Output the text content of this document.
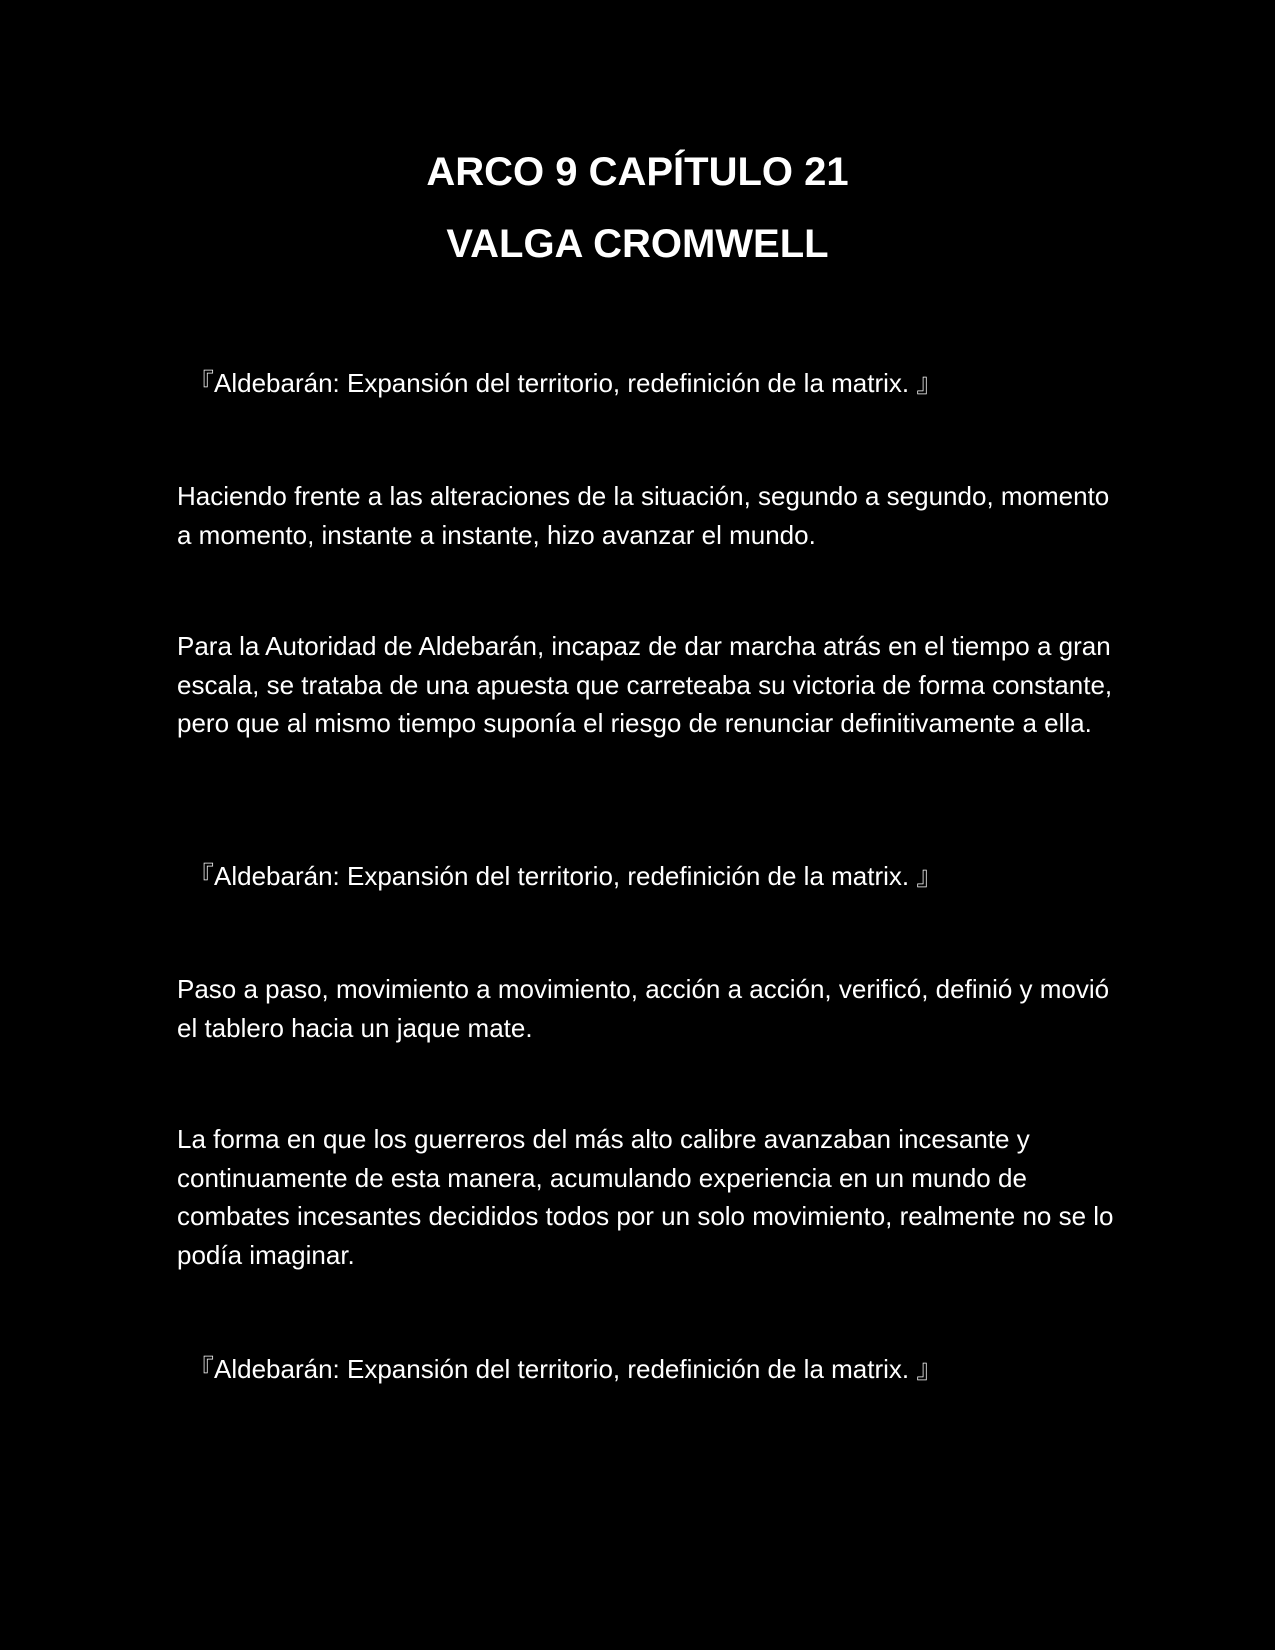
ARCO 9 CAPÍTULO 21
VALGA CROMWELL

『Aldebarán: Expansión del territorio, redefinición de la matrix. 』

Haciendo frente a las alteraciones de la situación, segundo a segundo, momento a momento, instante a instante, hizo avanzar el mundo.

Para la Autoridad de Aldebarán, incapaz de dar marcha atrás en el tiempo a gran escala, se trataba de una apuesta que carreteaba su victoria de forma constante, pero que al mismo tiempo suponía el riesgo de renunciar definitivamente a ella.

『Aldebarán: Expansión del territorio, redefinición de la matrix. 』

Paso a paso, movimiento a movimiento, acción a acción, verificó, definió y movió el tablero hacia un jaque mate.

La forma en que los guerreros del más alto calibre avanzaban incesante y continuamente de esta manera, acumulando experiencia en un mundo de combates incesantes decididos todos por un solo movimiento, realmente no se lo podía imaginar.

『Aldebarán: Expansión del territorio, redefinición de la matrix. 』
